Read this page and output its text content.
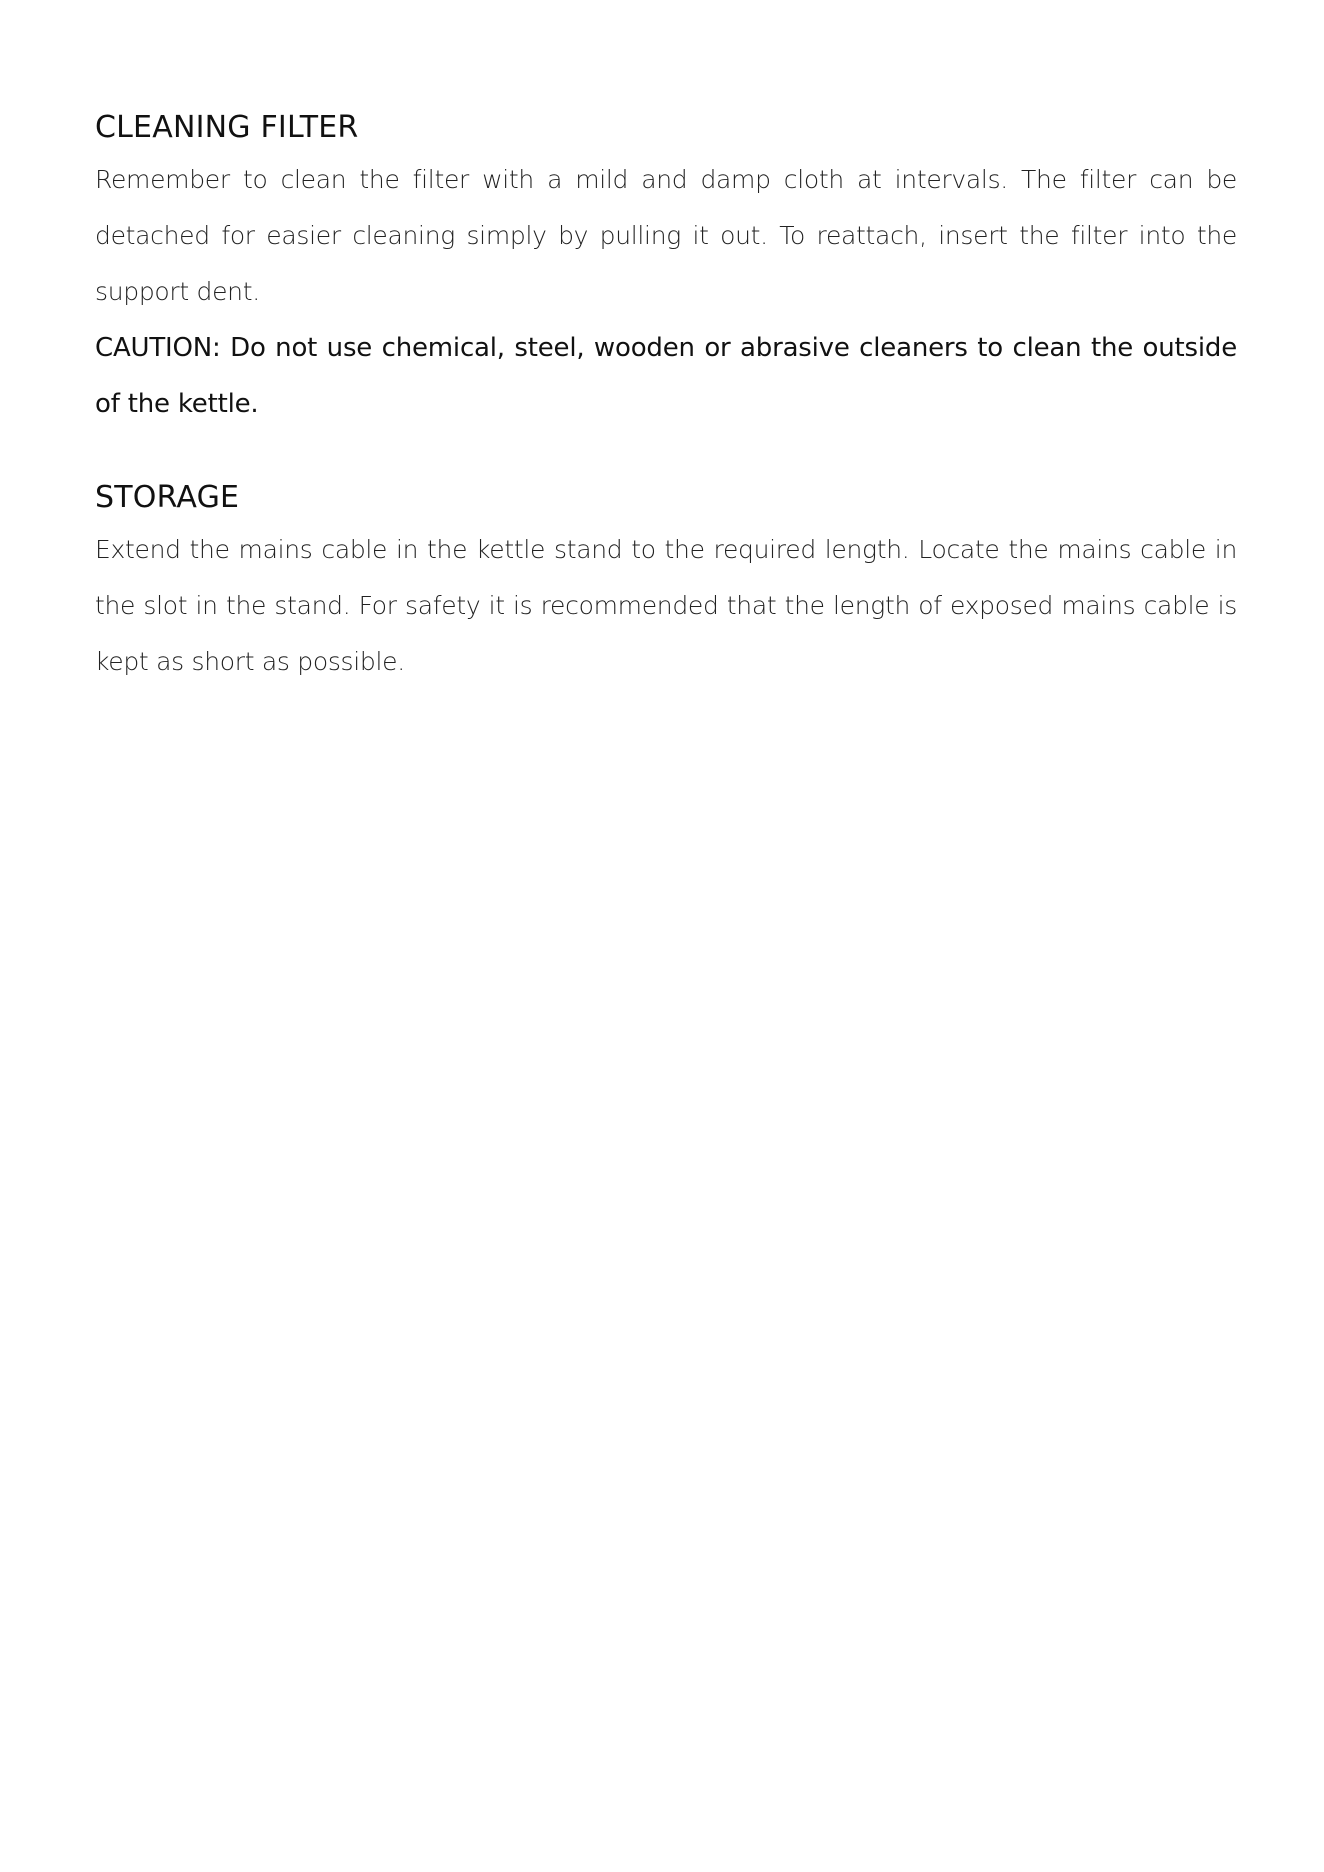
CLEANING FILTER

Remember to clean the filter with a mild and damp cloth at intervals. The filter can be detached for easier cleaning simply by pulling it out. To reattach, insert the filter into the support dent.

CAUTION: Do not use chemical, steel, wooden or abrasive cleaners to clean the outside of the kettle.

STORAGE

Extend the mains cable in the kettle stand to the required length. Locate the mains cable in the slot in the stand. For safety it is recommended that the length of exposed mains cable is kept as short as possible.
